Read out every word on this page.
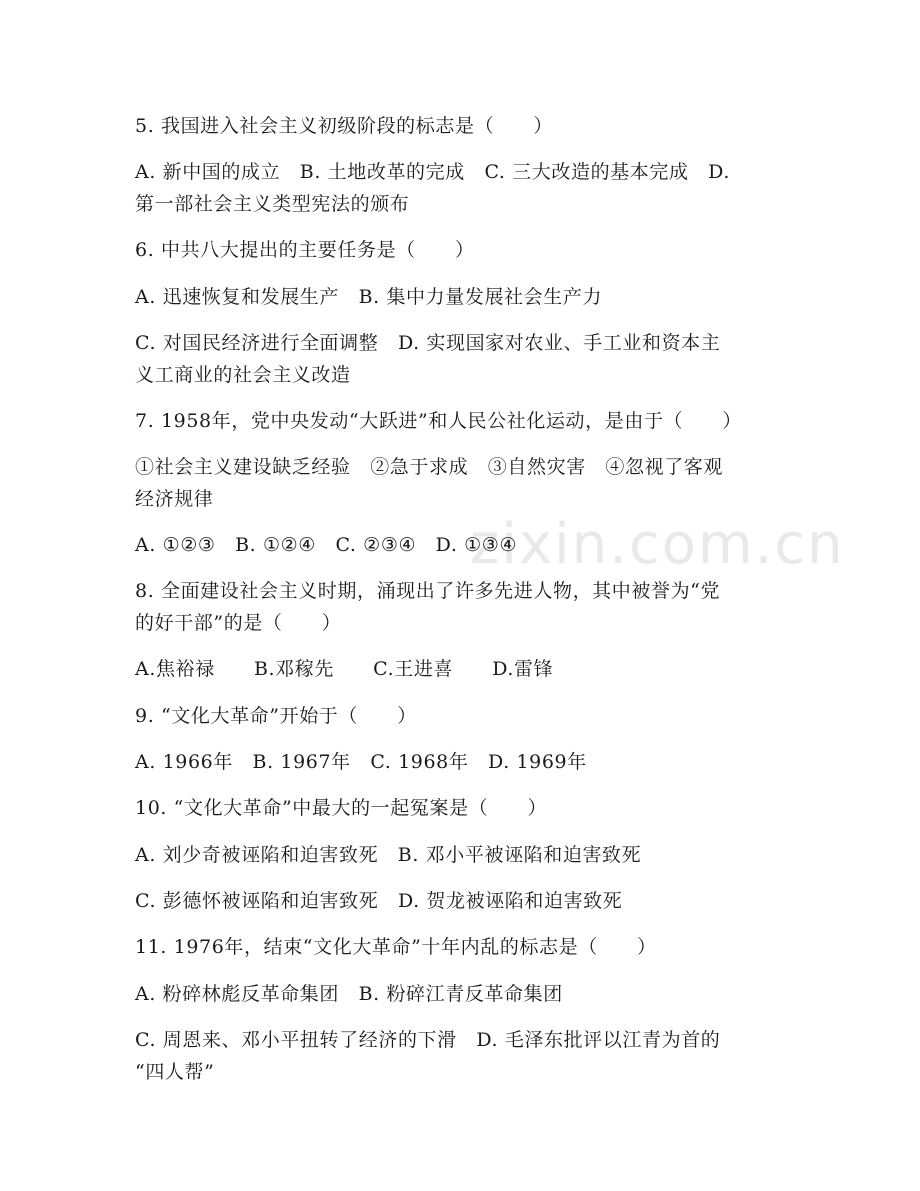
zixin.com.cn
5. 我国进入社会主义初级阶段的标志是（　　）
A. 新中国的成立　B. 土地改革的完成　C. 三大改造的基本完成　D.
第一部社会主义类型宪法的颁布
6. 中共八大提出的主要任务是（　　）
A. 迅速恢复和发展生产　B. 集中力量发展社会生产力
C. 对国民经济进行全面调整　D. 实现国家对农业、手工业和资本主
义工商业的社会主义改造
7. 1958年，党中央发动“大跃进”和人民公社化运动，是由于（　　）
①社会主义建设缺乏经验　②急于求成　③自然灾害　④忽视了客观
经济规律
A. ①②③　B. ①②④　C. ②③④　D. ①③④
8. 全面建设社会主义时期，涌现出了许多先进人物，其中被誉为“党
的好干部”的是（　　）
A.焦裕禄　　B.邓稼先　　C.王进喜　　D.雷锋
9. “文化大革命”开始于（　　）
A. 1966年　B. 1967年　C. 1968年　D. 1969年
10. “文化大革命”中最大的一起冤案是（　　）
A. 刘少奇被诬陷和迫害致死　B. 邓小平被诬陷和迫害致死
C. 彭德怀被诬陷和迫害致死　D. 贺龙被诬陷和迫害致死
11. 1976年，结束“文化大革命”十年内乱的标志是（　　）
A. 粉碎林彪反革命集团　B. 粉碎江青反革命集团
C. 周恩来、邓小平扭转了经济的下滑　D. 毛泽东批评以江青为首的
“四人帮”
